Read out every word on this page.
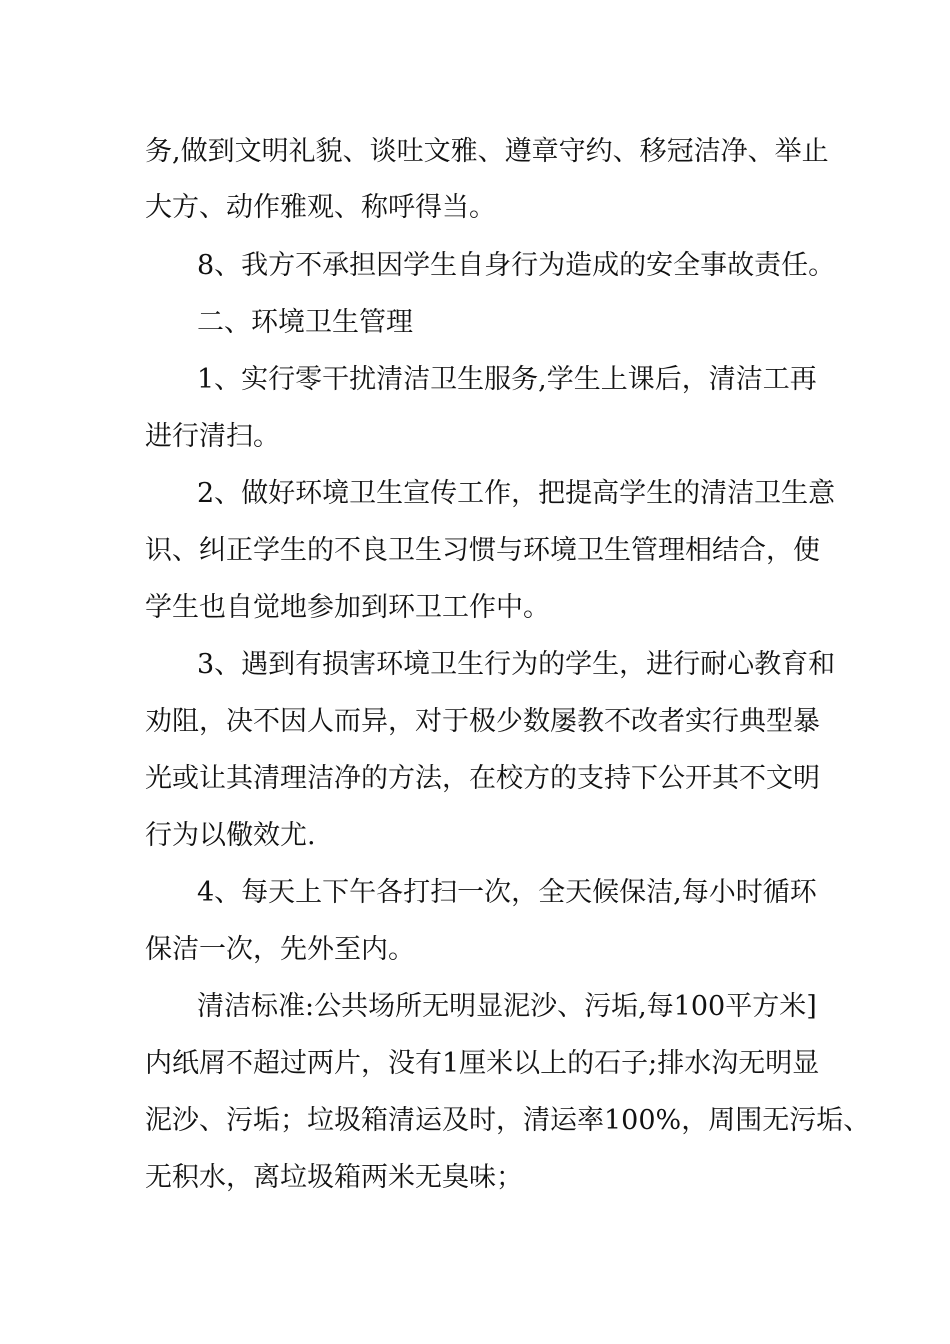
务,做到文明礼貌、谈吐文雅、遵章守约、移冠洁净、举止
大方、动作雅观、称呼得当。
8、我方不承担因学生自身行为造成的安全事故责任。
二、环境卫生管理
1、实行零干扰清洁卫生服务,学生上课后，清洁工再
进行清扫。
2、做好环境卫生宣传工作，把提高学生的清洁卫生意
识、纠正学生的不良卫生习惯与环境卫生管理相结合，使
学生也自觉地参加到环卫工作中。
3、遇到有损害环境卫生行为的学生，进行耐心教育和
劝阻，决不因人而异，对于极少数屡教不改者实行典型暴
光或让其清理洁净的方法，在校方的支持下公开其不文明
行为以儆效尤.
4、每天上下午各打扫一次，全天候保洁,每小时循环
保洁一次，先外至内。
清洁标准:公共场所无明显泥沙、污垢,每100平方米]
内纸屑不超过两片，没有1厘米以上的石子;排水沟无明显
泥沙、污垢；垃圾箱清运及时，清运率100%，周围无污垢、
无积水，离垃圾箱两米无臭味；
